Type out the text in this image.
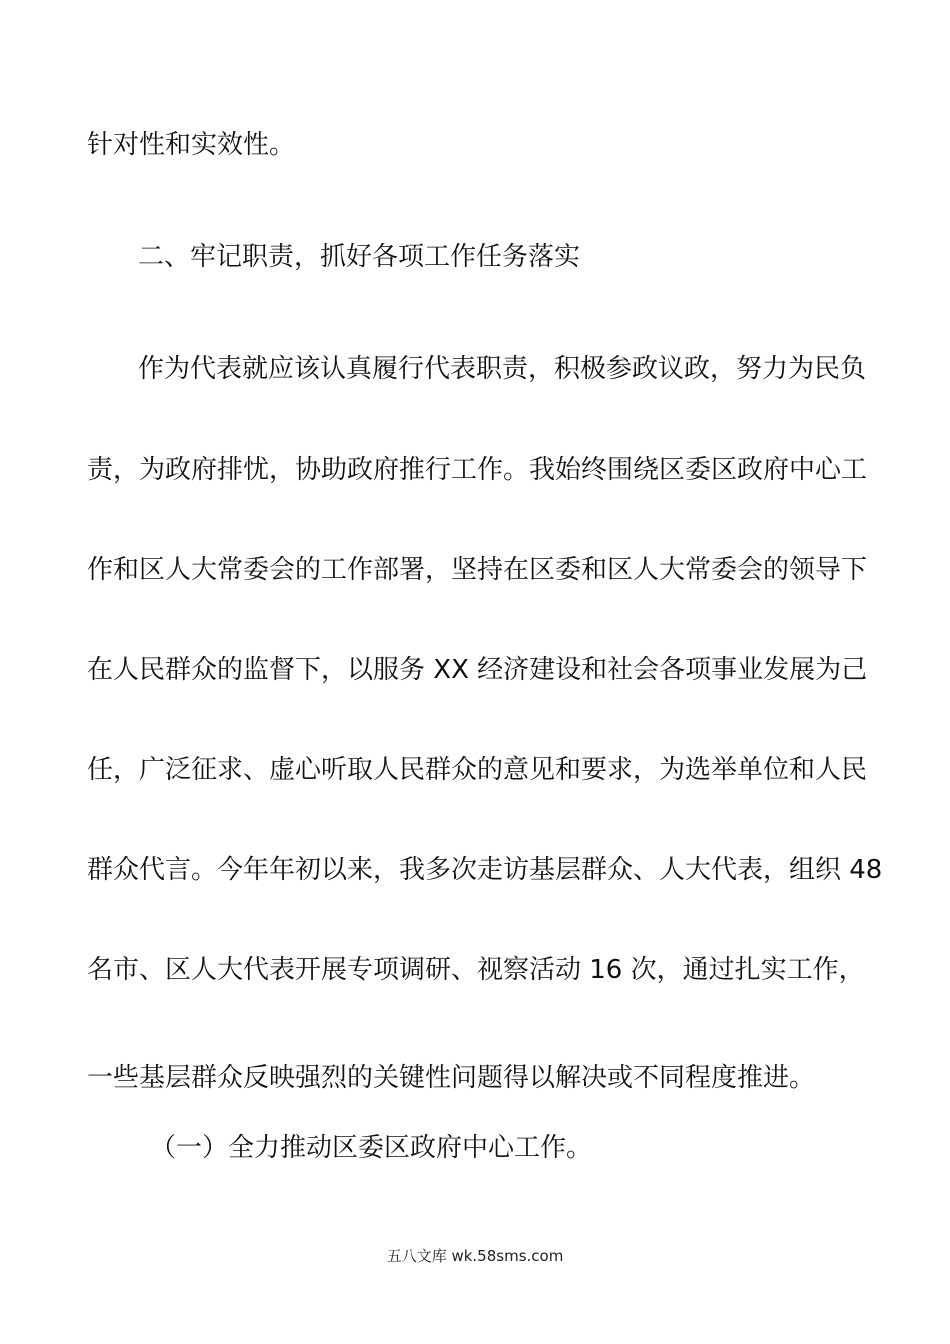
针对性和实效性。
二、牢记职责，抓好各项工作任务落实
作为代表就应该认真履行代表职责，积极参政议政，努力为民负
责，为政府排忧，协助政府推行工作。我始终围绕区委区政府中心工
作和区人大常委会的工作部署，坚持在区委和区人大常委会的领导下
在人民群众的监督下，以服务 XX 经济建设和社会各项事业发展为己
任，广泛征求、虚心听取人民群众的意见和要求，为选举单位和人民
群众代言。今年年初以来，我多次走访基层群众、人大代表，组织 48
名市、区人大代表开展专项调研、视察活动 16 次，通过扎实工作，
一些基层群众反映强烈的关键性问题得以解决或不同程度推进。
（一）全力推动区委区政府中心工作。
五八文库 wk.58sms.com
